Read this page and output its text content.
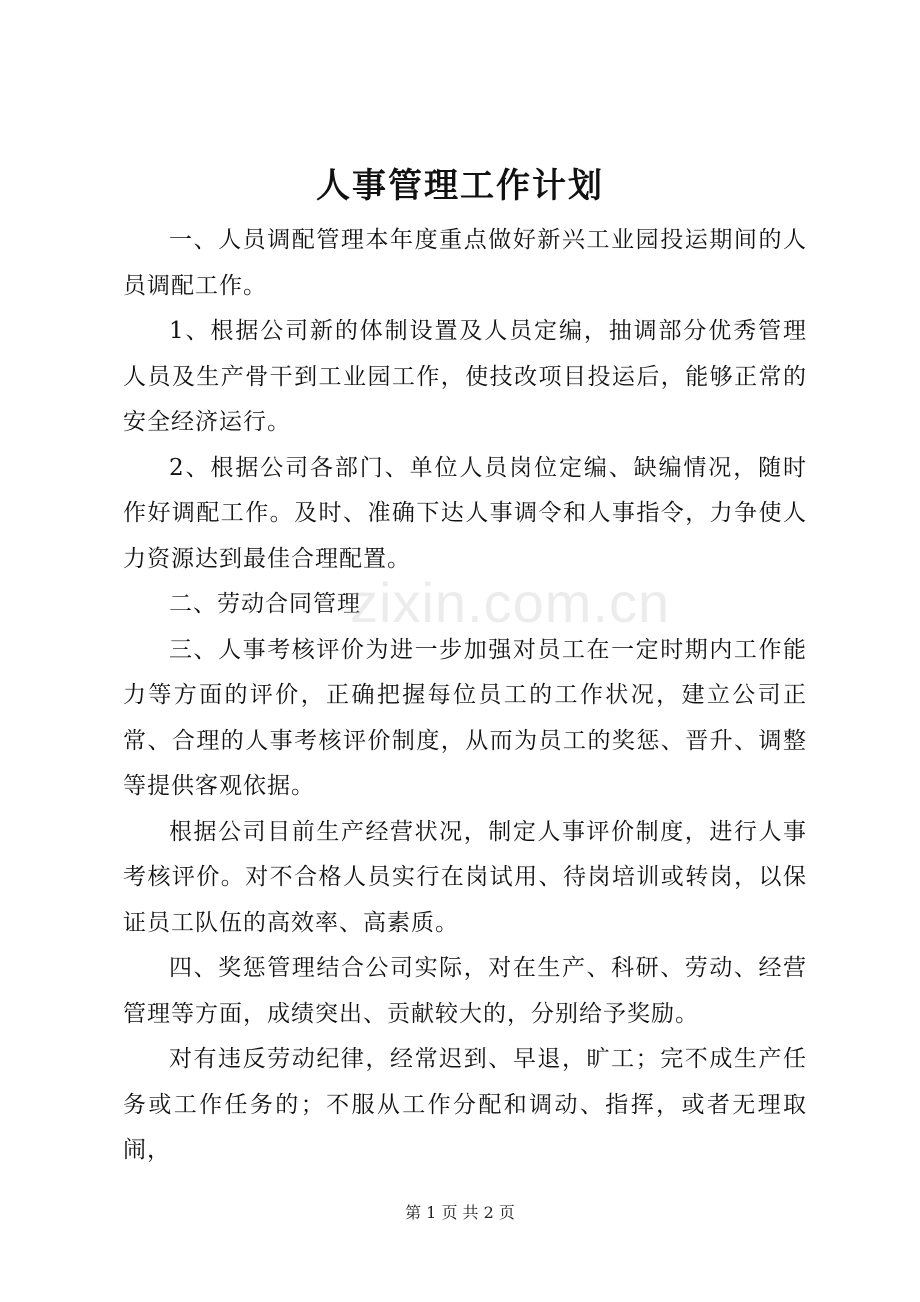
人事管理工作计划

一、人员调配管理本年度重点做好新兴工业园投运期间的人员调配工作。

1、根据公司新的体制设置及人员定编，抽调部分优秀管理人员及生产骨干到工业园工作，使技改项目投运后，能够正常的安全经济运行。

2、根据公司各部门、单位人员岗位定编、缺编情况，随时作好调配工作。及时、准确下达人事调令和人事指令，力争使人力资源达到最佳合理配置。

二、劳动合同管理

三、人事考核评价为进一步加强对员工在一定时期内工作能力等方面的评价，正确把握每位员工的工作状况，建立公司正常、合理的人事考核评价制度，从而为员工的奖惩、晋升、调整等提供客观依据。

根据公司目前生产经营状况，制定人事评价制度，进行人事考核评价。对不合格人员实行在岗试用、待岗培训或转岗，以保证员工队伍的高效率、高素质。

四、奖惩管理结合公司实际，对在生产、科研、劳动、经营管理等方面，成绩突出、贡献较大的，分别给予奖励。

对有违反劳动纪律，经常迟到、早退，旷工；完不成生产任务或工作任务的；不服从工作分配和调动、指挥，或者无理取闹，

zixin.com.cn
第 1 页 共 2 页
